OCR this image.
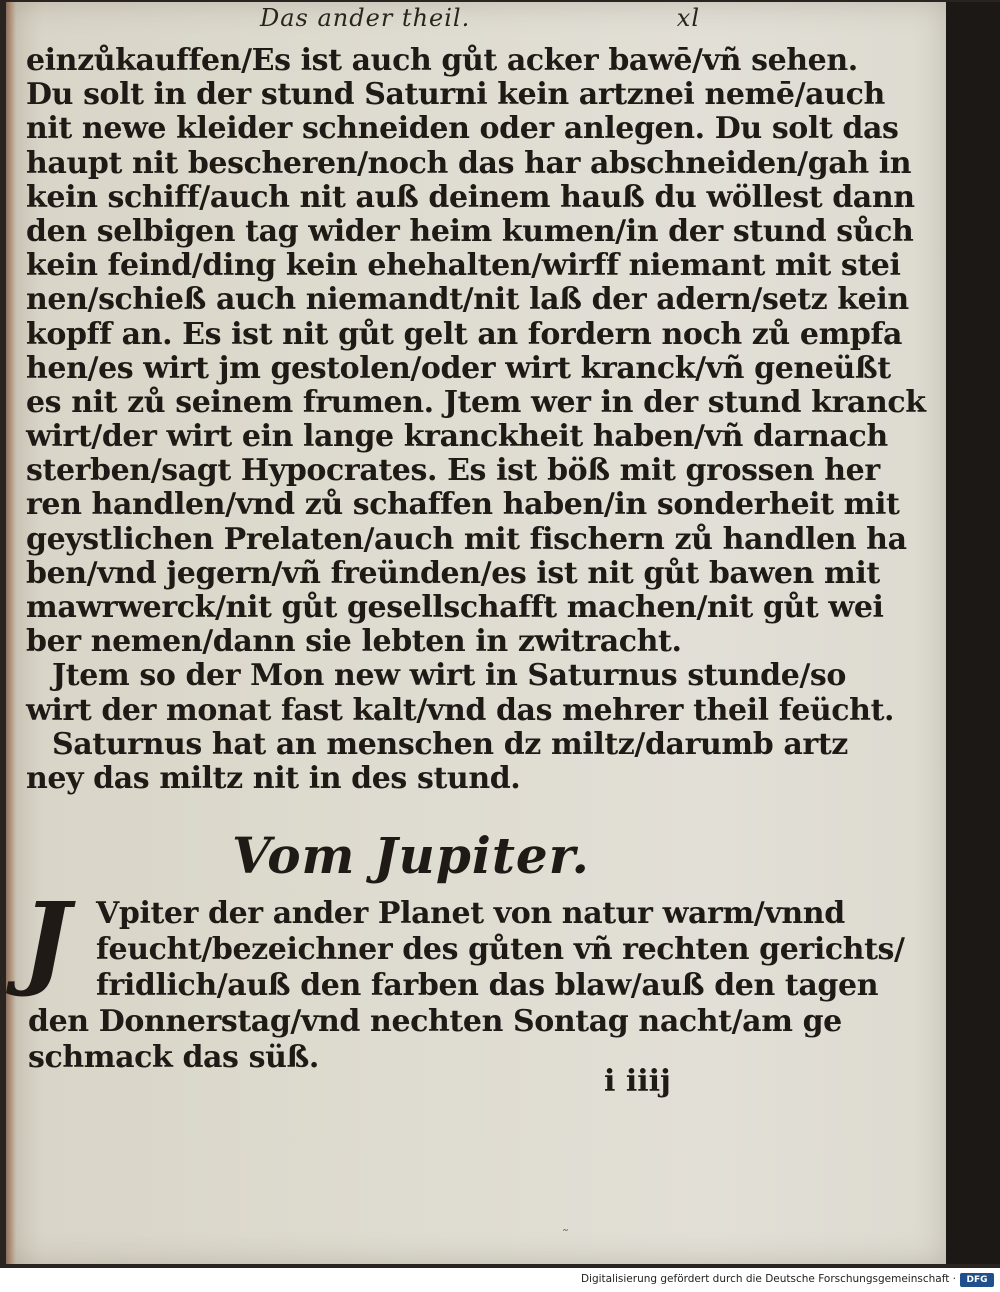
Das ander theil.	xl
einzůkauffen/Es ist auch gůt acker bawē/vñ sehen.
Du solt in der stund Saturni kein artznei nemē/auch
nit newe kleider schneiden oder anlegen. Du solt das
haupt nit bescheren/noch das har abschneiden/gah in
kein schiff/auch nit auß deinem hauß du wöllest dann
den selbigen tag wider heim kumen/in der stund sůch
kein feind/ding kein ehehalten/wirff niemant mit stei
nen/schieß auch niemandt/nit laß der adern/setz kein
kopff an. Es ist nit gůt gelt an fordern noch zů empfa
hen/es wirt jm gestolen/oder wirt kranck/vñ geneüßt
es nit zů seinem frumen. Jtem wer in der stund kranck
wirt/der wirt ein lange kranckheit haben/vñ darnach
sterben/sagt Hypocrates. Es ist böß mit grossen her
ren handlen/vnd zů schaffen haben/in sonderheit mit
geystlichen Prelaten/auch mit fischern zů handlen ha
ben/vnd jegern/vñ freünden/es ist nit gůt bawen mit
mawrwerck/nit gůt gesellschafft machen/nit gůt wei
ber nemen/dann sie lebten in zwitracht.
Jtem so der Mon new wirt in Saturnus stunde/so
wirt der monat fast kalt/vnd das mehrer theil feücht.
Saturnus hat an menschen dz miltz/darumb artz
ney das miltz nit in des stund.
Vom Jupiter.
J Vpiter der ander Planet von natur warm/vnnd
feucht/bezeichner des gůten vñ rechten gerichts/
fridlich/auß den farben das blaw/auß den tagen
den Donnerstag/vnd nechten Sontag nacht/am ge
schmack das süß.
i iiij
˜
Digitalisierung gefördert durch die Deutsche Forschungsgemeinschaft ·	DFG
